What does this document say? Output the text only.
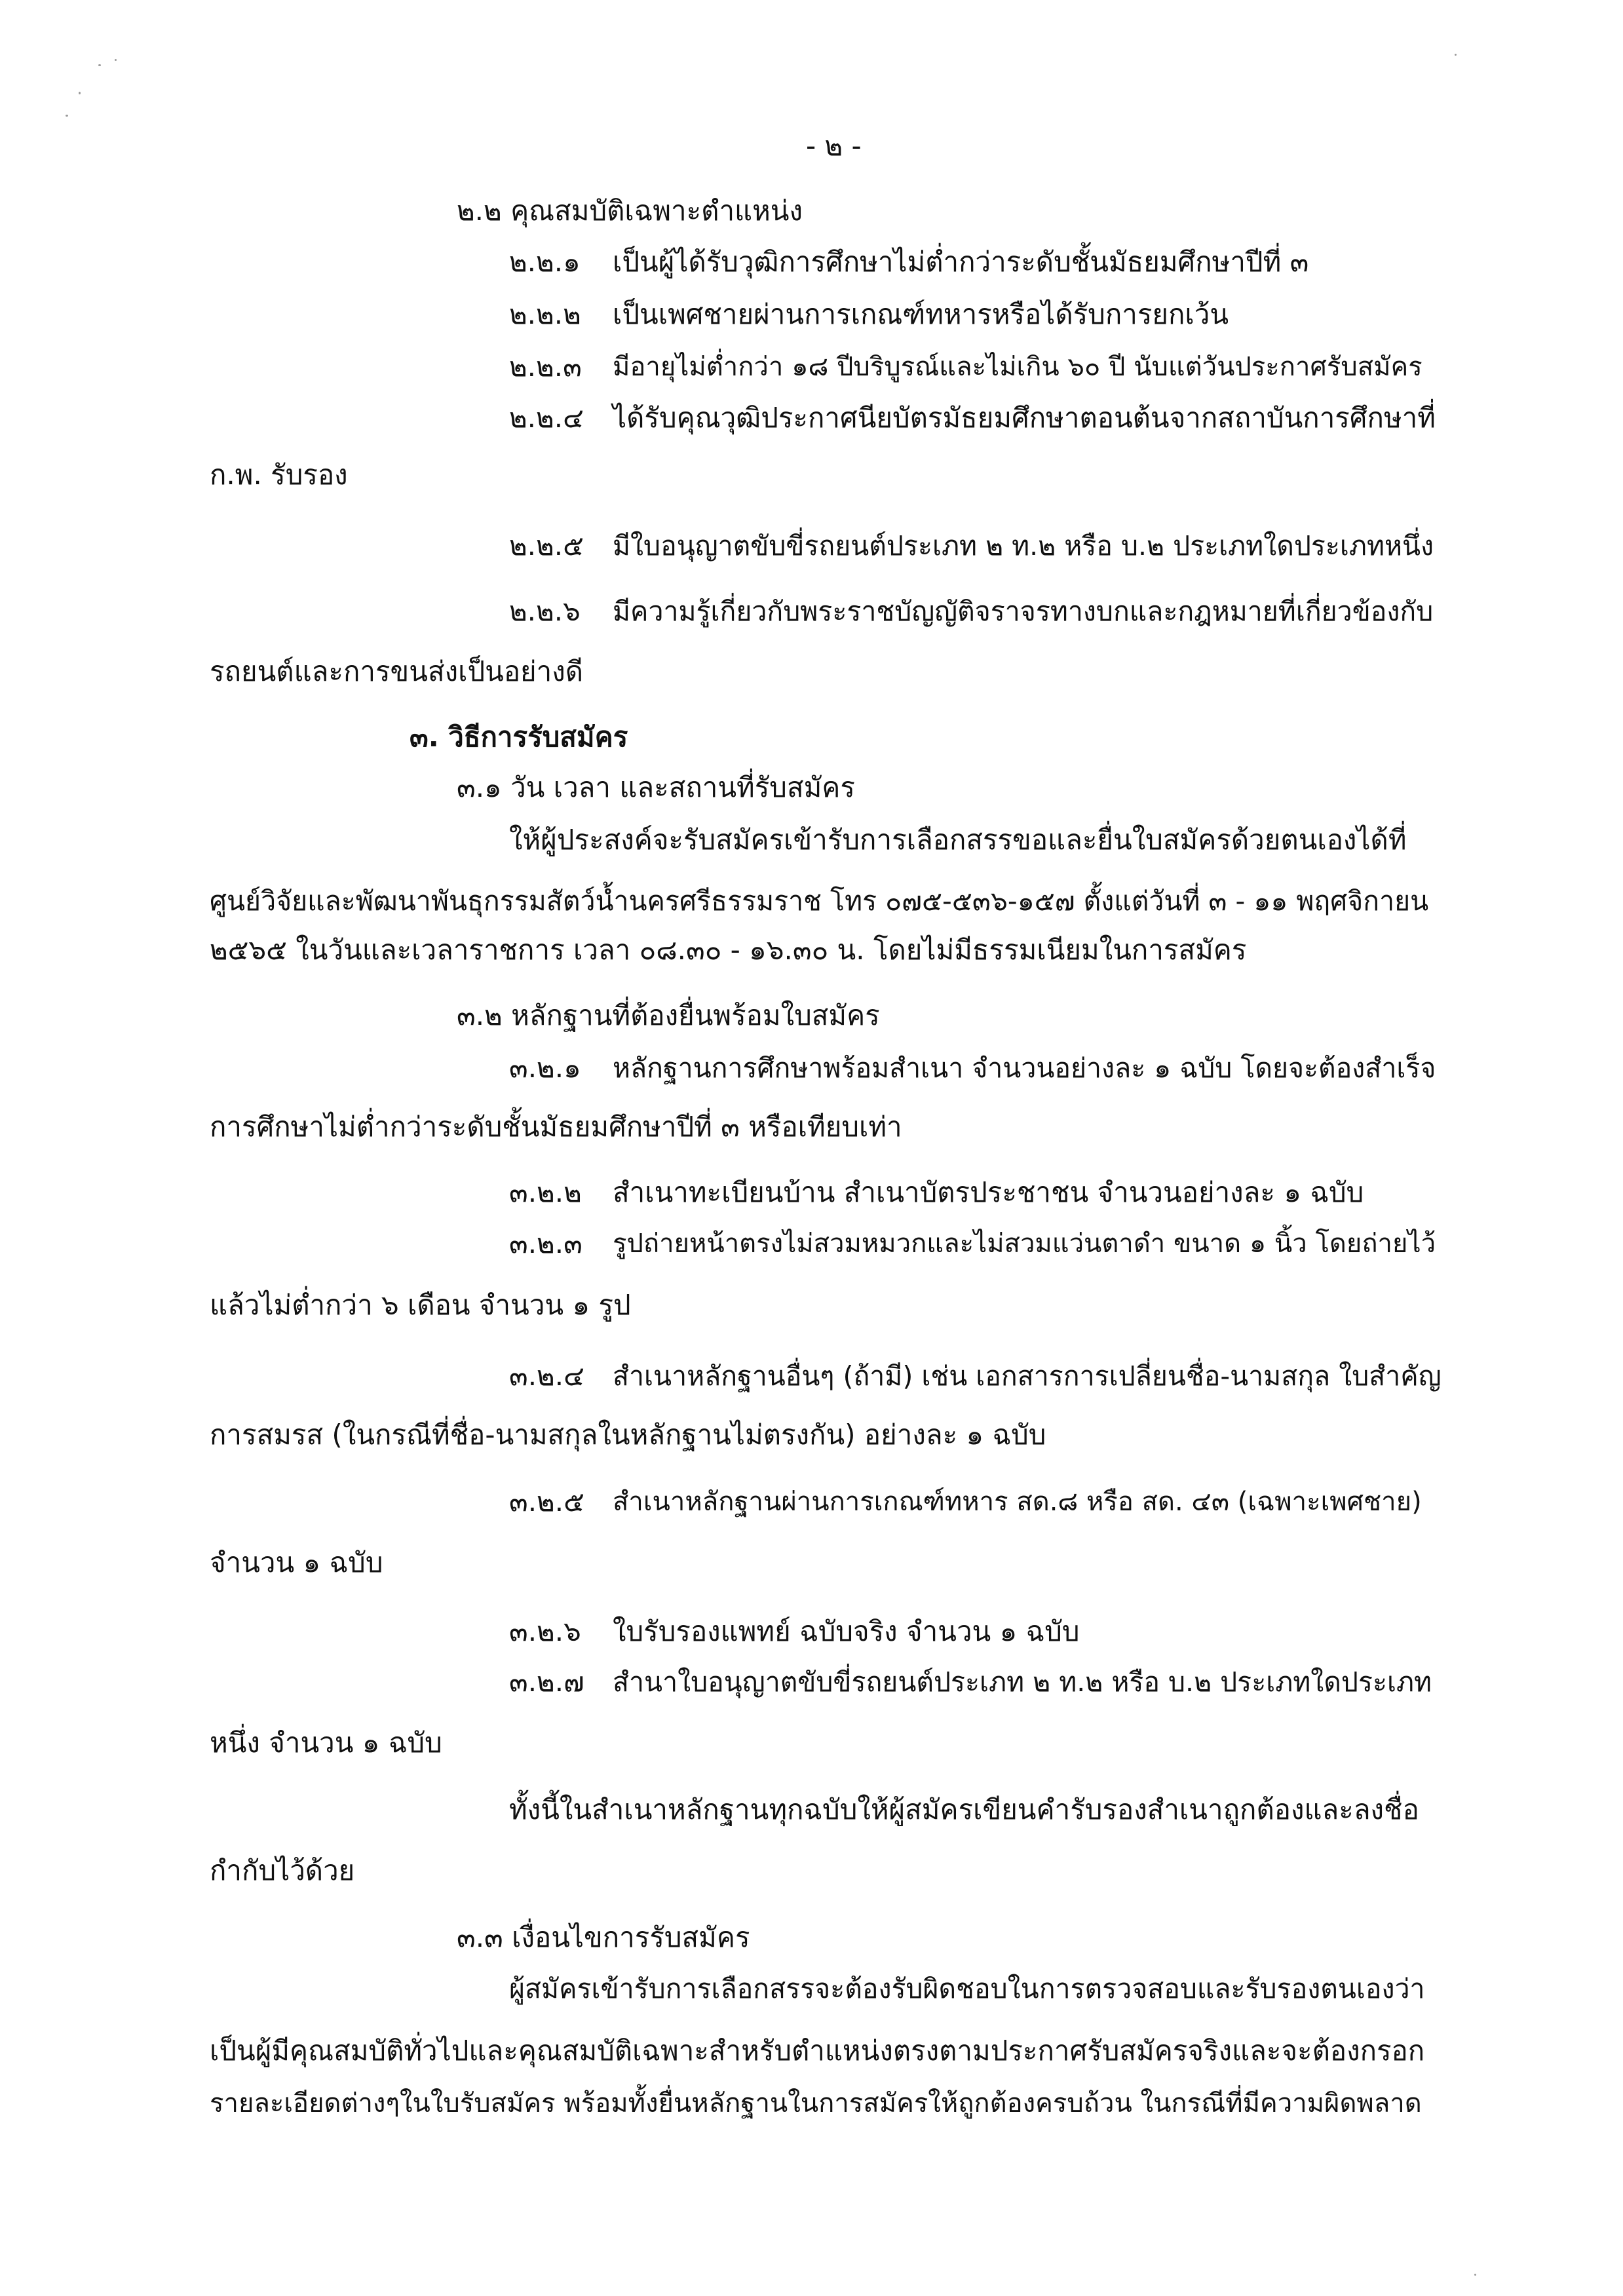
- ๒ -

๒.๒ คุณสมบัติเฉพาะตำแหน่ง

๒.๒.๑ เป็นผู้ได้รับวุฒิการศึกษาไม่ต่ำกว่าระดับชั้นมัธยมศึกษาปีที่ ๓

๒.๒.๒ เป็นเพศชายผ่านการเกณฑ์ทหารหรือได้รับการยกเว้น

๒.๒.๓ มีอายุไม่ต่ำกว่า ๑๘ ปีบริบูรณ์และไม่เกิน ๖๐ ปี นับแต่วันประกาศรับสมัคร

๒.๒.๔ ได้รับคุณวุฒิประกาศนียบัตรมัธยมศึกษาตอนต้นจากสถาบันการศึกษาที่

ก.พ. รับรอง

๒.๒.๕ มีใบอนุญาตขับขี่รถยนต์ประเภท ๒ ท.๒ หรือ บ.๒ ประเภทใดประเภทหนึ่ง

๒.๒.๖ มีความรู้เกี่ยวกับพระราชบัญญัติจราจรทางบกและกฎหมายที่เกี่ยวข้องกับ

รถยนต์และการขนส่งเป็นอย่างดี

๓. วิธีการรับสมัคร

๓.๑ วัน เวลา และสถานที่รับสมัคร

ให้ผู้ประสงค์จะรับสมัครเข้ารับการเลือกสรรขอและยื่นใบสมัครด้วยตนเองได้ที่

ศูนย์วิจัยและพัฒนาพันธุกรรมสัตว์น้ำนครศรีธรรมราช โทร ๐๗๕-๕๓๖-๑๕๗ ตั้งแต่วันที่ ๓ - ๑๑ พฤศจิกายน

๒๕๖๕ ในวันและเวลาราชการ เวลา ๐๘.๓๐ - ๑๖.๓๐ น. โดยไม่มีธรรมเนียมในการสมัคร

๓.๒ หลักฐานที่ต้องยื่นพร้อมใบสมัคร

๓.๒.๑ หลักฐานการศึกษาพร้อมสำเนา จำนวนอย่างละ ๑ ฉบับ โดยจะต้องสำเร็จ

การศึกษาไม่ต่ำกว่าระดับชั้นมัธยมศึกษาปีที่ ๓ หรือเทียบเท่า

๓.๒.๒ สำเนาทะเบียนบ้าน สำเนาบัตรประชาชน จำนวนอย่างละ ๑ ฉบับ

๓.๒.๓ รูปถ่ายหน้าตรงไม่สวมหมวกและไม่สวมแว่นตาดำ ขนาด ๑ นิ้ว โดยถ่ายไว้

แล้วไม่ต่ำกว่า ๖ เดือน จำนวน ๑ รูป

๓.๒.๔ สำเนาหลักฐานอื่นๆ (ถ้ามี) เช่น เอกสารการเปลี่ยนชื่อ-นามสกุล ใบสำคัญ

การสมรส (ในกรณีที่ชื่อ-นามสกุลในหลักฐานไม่ตรงกัน) อย่างละ ๑ ฉบับ

๓.๒.๕ สำเนาหลักฐานผ่านการเกณฑ์ทหาร สด.๘ หรือ สด. ๔๓ (เฉพาะเพศชาย)

จำนวน ๑ ฉบับ

๓.๒.๖ ใบรับรองแพทย์ ฉบับจริง จำนวน ๑ ฉบับ

๓.๒.๗ สำนาใบอนุญาตขับขี่รถยนต์ประเภท ๒ ท.๒ หรือ บ.๒ ประเภทใดประเภท

หนึ่ง จำนวน ๑ ฉบับ

ทั้งนี้ในสำเนาหลักฐานทุกฉบับให้ผู้สมัครเขียนคำรับรองสำเนาถูกต้องและลงชื่อ

กำกับไว้ด้วย

๓.๓ เงื่อนไขการรับสมัคร

ผู้สมัครเข้ารับการเลือกสรรจะต้องรับผิดชอบในการตรวจสอบและรับรองตนเองว่า

เป็นผู้มีคุณสมบัติทั่วไปและคุณสมบัติเฉพาะสำหรับตำแหน่งตรงตามประกาศรับสมัครจริงและจะต้องกรอก

รายละเอียดต่างๆในใบรับสมัคร พร้อมทั้งยื่นหลักฐานในการสมัครให้ถูกต้องครบถ้วน ในกรณีที่มีความผิดพลาด
